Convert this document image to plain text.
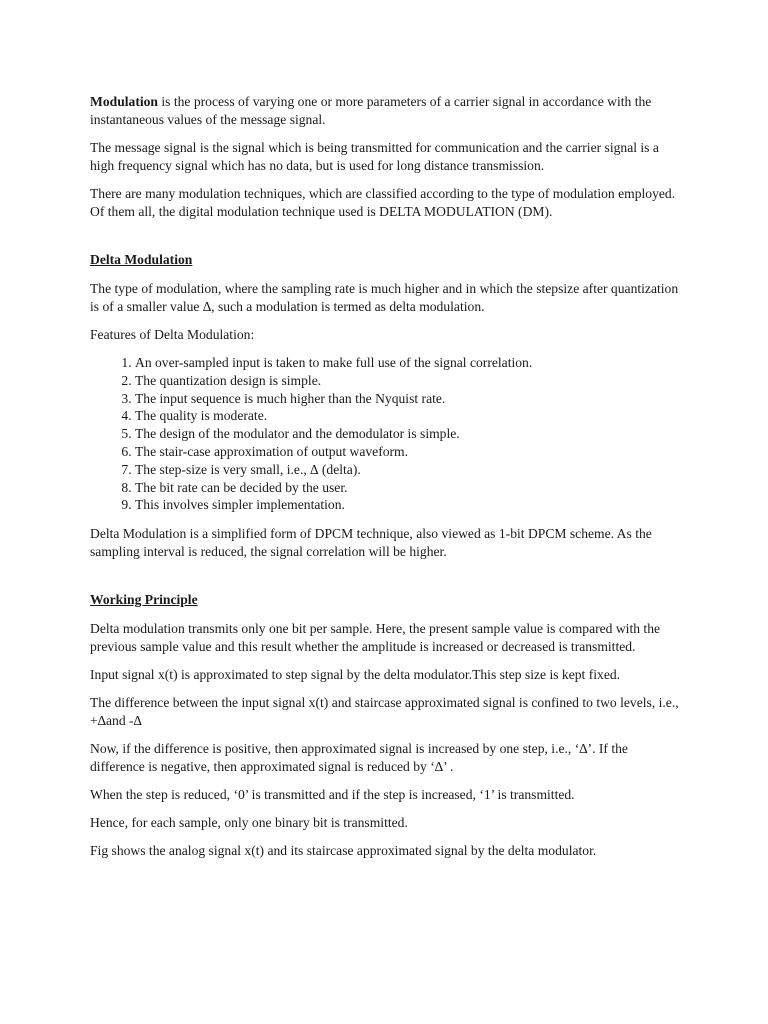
Modulation is the process of varying one or more parameters of a carrier signal in accordance with the instantaneous values of the message signal.

The message signal is the signal which is being transmitted for communication and the carrier signal is a high frequency signal which has no data, but is used for long distance transmission.

There are many modulation techniques, which are classified according to the type of modulation employed. Of them all, the digital modulation technique used is DELTA MODULATION (DM).

Delta Modulation

The type of modulation, where the sampling rate is much higher and in which the stepsize after quantization is of a smaller value ∆, such a modulation is termed as delta modulation.

Features of Delta Modulation:

1. An over-sampled input is taken to make full use of the signal correlation.
2. The quantization design is simple.
3. The input sequence is much higher than the Nyquist rate.
4. The quality is moderate.
5. The design of the modulator and the demodulator is simple.
6. The stair-case approximation of output waveform.
7. The step-size is very small, i.e., ∆ (delta).
8. The bit rate can be decided by the user.
9. This involves simpler implementation.

Delta Modulation is a simplified form of DPCM technique, also viewed as 1-bit DPCM scheme. As the sampling interval is reduced, the signal correlation will be higher.

Working Principle

Delta modulation transmits only one bit per sample. Here, the present sample value is compared with the previous sample value and this result whether the amplitude is increased or decreased is transmitted.

Input signal x(t) is approximated to step signal by the delta modulator.This step size is kept fixed.

The difference between the input signal x(t) and staircase approximated signal is confined to two levels, i.e., +∆and -∆

Now, if the difference is positive, then approximated signal is increased by one step, i.e., ‘∆’. If the difference is negative, then approximated signal is reduced by ‘∆’ .

When the step is reduced, ‘0’ is transmitted and if the step is increased, ‘1’ is transmitted.

Hence, for each sample, only one binary bit is transmitted.

Fig shows the analog signal x(t) and its staircase approximated signal by the delta modulator.
